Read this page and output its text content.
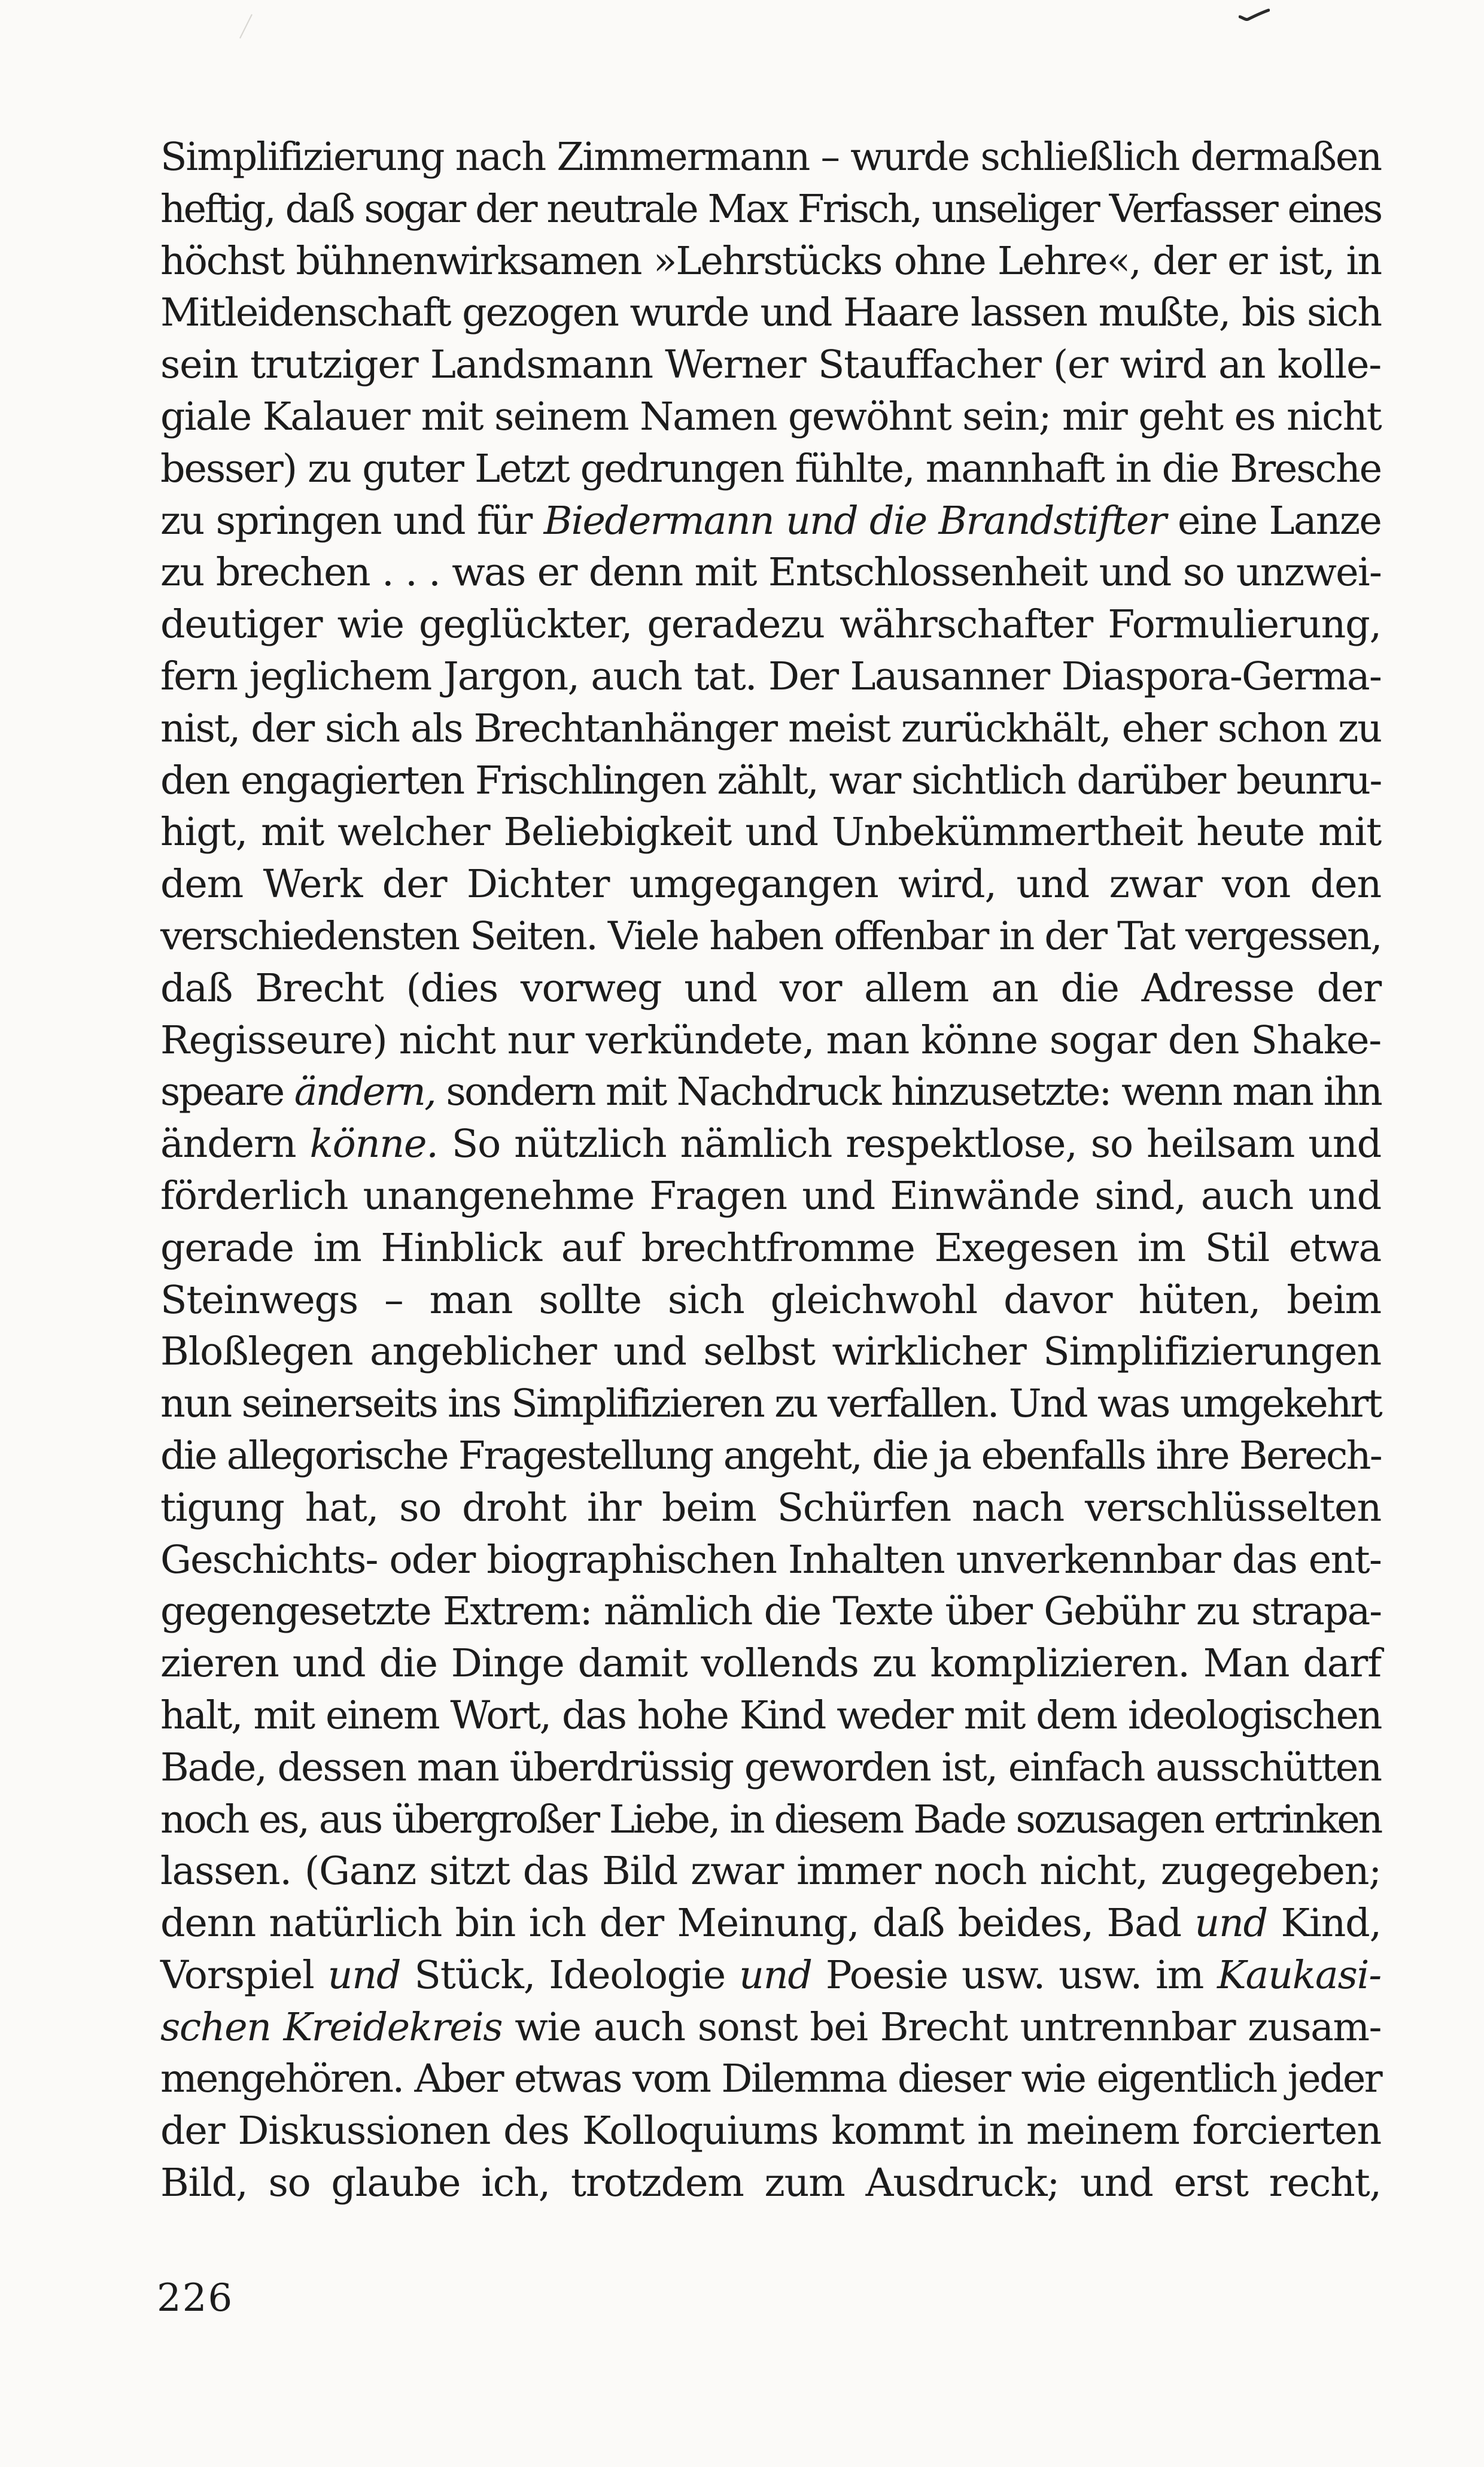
Simplifizierung nach Zimmermann – wurde schließlich dermaßen
heftig, daß sogar der neutrale Max Frisch, unseliger Verfasser eines
höchst bühnenwirksamen »Lehrstücks ohne Lehre«, der er ist, in
Mitleidenschaft gezogen wurde und Haare lassen mußte, bis sich
sein trutziger Landsmann Werner Stauffacher (er wird an kolle-
giale Kalauer mit seinem Namen gewöhnt sein; mir geht es nicht
besser) zu guter Letzt gedrungen fühlte, mannhaft in die Bresche
zu springen und für Biedermann und die Brandstifter eine Lanze
zu brechen . . . was er denn mit Entschlossenheit und so unzwei-
deutiger wie geglückter, geradezu währschafter Formulierung,
fern jeglichem Jargon, auch tat. Der Lausanner Diaspora-Germa-
nist, der sich als Brechtanhänger meist zurückhält, eher schon zu
den engagierten Frischlingen zählt, war sichtlich darüber beunru-
higt, mit welcher Beliebigkeit und Unbekümmertheit heute mit
dem Werk der Dichter umgegangen wird, und zwar von den
verschiedensten Seiten. Viele haben offenbar in der Tat vergessen,
daß Brecht (dies vorweg und vor allem an die Adresse der
Regisseure) nicht nur verkündete, man könne sogar den Shake-
speare ändern, sondern mit Nachdruck hinzusetzte: wenn man ihn
ändern könne. So nützlich nämlich respektlose, so heilsam und
förderlich unangenehme Fragen und Einwände sind, auch und
gerade im Hinblick auf brechtfromme Exegesen im Stil etwa
Steinwegs – man sollte sich gleichwohl davor hüten, beim
Bloßlegen angeblicher und selbst wirklicher Simplifizierungen
nun seinerseits ins Simplifizieren zu verfallen. Und was umgekehrt
die allegorische Fragestellung angeht, die ja ebenfalls ihre Berech-
tigung hat, so droht ihr beim Schürfen nach verschlüsselten
Geschichts- oder biographischen Inhalten unverkennbar das ent-
gegengesetzte Extrem: nämlich die Texte über Gebühr zu strapa-
zieren und die Dinge damit vollends zu komplizieren. Man darf
halt, mit einem Wort, das hohe Kind weder mit dem ideologischen
Bade, dessen man überdrüssig geworden ist, einfach ausschütten
noch es, aus übergroßer Liebe, in diesem Bade sozusagen ertrinken
lassen. (Ganz sitzt das Bild zwar immer noch nicht, zugegeben;
denn natürlich bin ich der Meinung, daß beides, Bad und Kind,
Vorspiel und Stück, Ideologie und Poesie usw. usw. im Kaukasi-
schen Kreidekreis wie auch sonst bei Brecht untrennbar zusam-
mengehören. Aber etwas vom Dilemma dieser wie eigentlich jeder
der Diskussionen des Kolloquiums kommt in meinem forcierten
Bild, so glaube ich, trotzdem zum Ausdruck; und erst recht,
226
